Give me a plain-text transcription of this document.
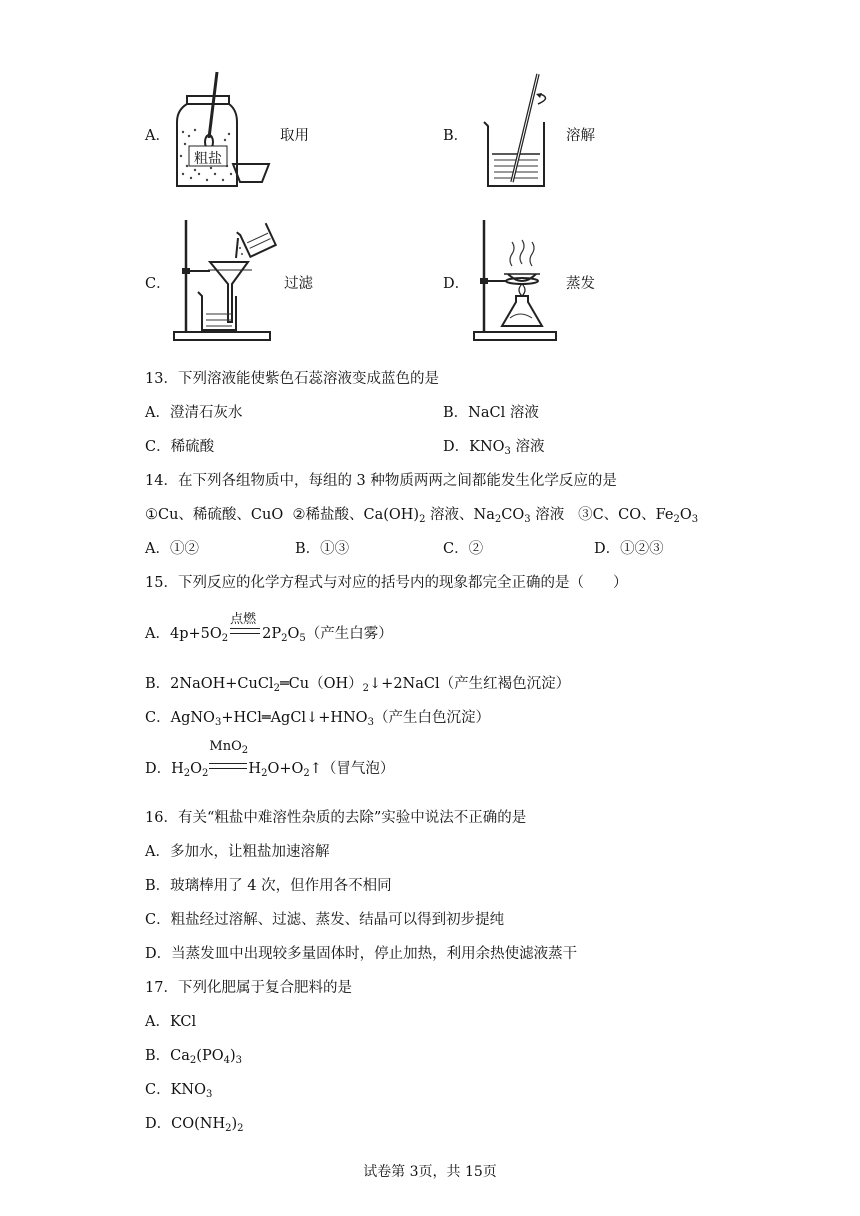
A．
粗盐
取用	B．	溶解
C．	过滤	D．	蒸发
13．下列溶液能使紫色石蕊溶液变成蓝色的是
A．澄清石灰水	B．NaCl 溶液
C．稀硫酸	D．$KNO_3$ 溶液
14．在下列各组物质中，每组的 3 种物质两两之间都能发生化学反应的是
①Cu、稀硫酸、CuO ②稀盐酸、$Ca(OH)_2$ 溶液、$Na_2CO_3$ 溶液 ③C、CO、$Fe_2O_3$
A．①②	B．①③	C．②	D．①②③
15．下列反应的化学方程式与对应的括号内的现象都完全正确的是（　　）
A．$4p+5O_2$
点燃
$2P_2O_5$（产生白雾）
B．$2NaOH+CuCl_2═Cu(OH)_2↓+2NaCl$（产生红褐色沉淀）
C．$AgNO_3+HCl═AgCl↓+HNO_3$（产生白色沉淀）
D．$H_2O_2$
MnO$_2$
$H_2O+O_2↑$（冒气泡）
16．有关“粗盐中难溶性杂质的去除”实验中说法不正确的是
A．多加水，让粗盐加速溶解
B．玻璃棒用了 4 次，但作用各不相同
C．粗盐经过溶解、过滤、蒸发、结晶可以得到初步提纯
D．当蒸发皿中出现较多量固体时，停止加热，利用余热使滤液蒸干
17．下列化肥属于复合肥料的是
A．KCl
B．$Ca_2(PO_4)_3$
C．$KNO_3$
D．$CO(NH_2)_2$
试卷第 3页，共 15页
